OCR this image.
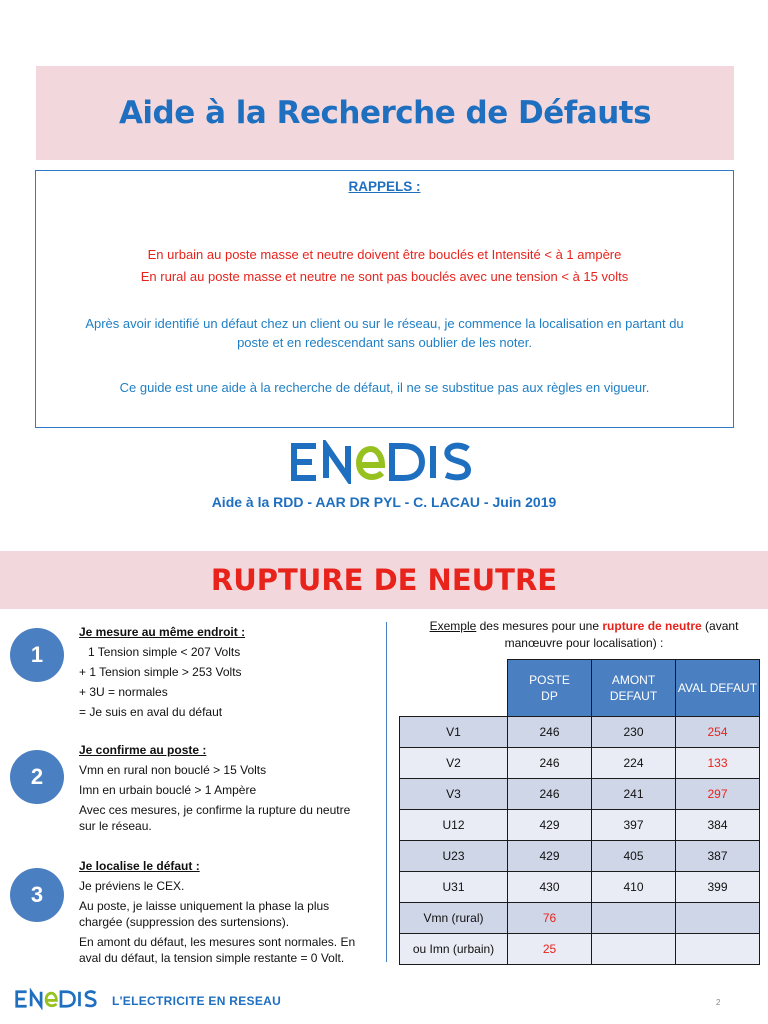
Aide à la Recherche de Défauts
RAPPELS :
En urbain au poste masse et neutre doivent être bouclés et Intensité < à 1 ampère
En rural au poste masse et neutre ne sont pas bouclés avec une tension < à 15 volts
Après avoir identifié un défaut chez un client ou sur le réseau, je commence la localisation en partant du
poste et en redescendant sans oublier de les noter.
Ce guide est une aide à la recherche de défaut, il ne se substitue pas aux règles en vigueur.
Aide à la RDD - AAR DR PYL - C. LACAU - Juin 2019
RUPTURE DE NEUTRE
1
Je mesure au même endroit :
1 Tension simple < 207 Volts
+ 1 Tension simple > 253 Volts
+ 3U = normales
= Je suis en aval du défaut
2
Je confirme au poste :
Vmn en rural non bouclé > 15 Volts
Imn en urbain bouclé > 1 Ampère
Avec ces mesures, je confirme la rupture du neutre
sur le réseau.
3
Je localise le défaut :
Je préviens le CEX.
Au poste, je laisse uniquement la phase la plus
chargée (suppression des surtensions).
En amont du défaut, les mesures sont normales. En
aval du défaut, la tension simple restante = 0 Volt.
Exemple des mesures pour une rupture de neutre (avant
manœuvre pour localisation) :
	POSTE DP	AMONT DEFAUT	AVAL DEFAUT
V1	246	230	254
V2	246	224	133
V3	246	241	297
U12	429	397	384
U23	429	405	387
U31	430	410	399
Vmn (rural)	76		
ou Imn (urbain)	25		
L'ELECTRICITE EN RESEAU	2
